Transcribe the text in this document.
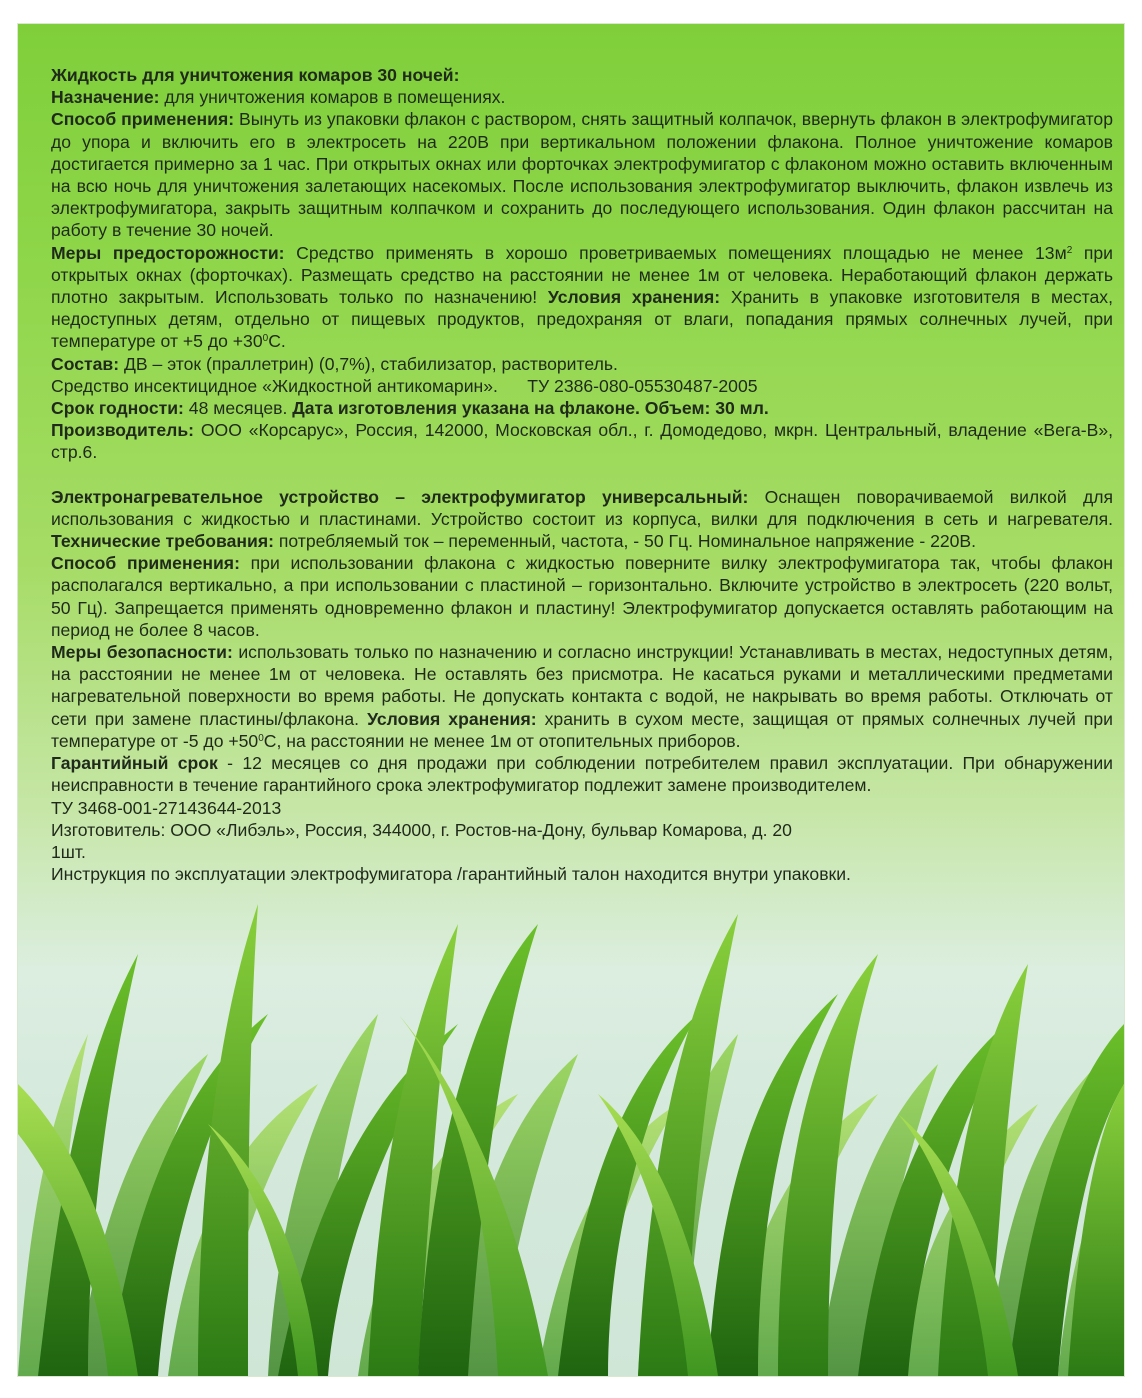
Жидкость для уничтожения комаров 30 ночей:

Назначение: для уничтожения комаров в помещениях.

Способ применения: Вынуть из упаковки флакон с раствором, снять защитный колпачок, ввернуть флакон в электрофумигатор до упора и включить его в электросеть на 220В при вертикальном положении флакона. Полное уничтожение комаров достигается примерно за 1 час. При открытых окнах или форточках электрофумигатор с флаконом можно оставить включенным на всю ночь для уничтожения залетающих насекомых. После использования электрофумигатор выключить, флакон извлечь из электрофумигатора, закрыть защитным колпачком и сохранить до последующего использования. Один флакон рассчитан на работу в течение 30 ночей.

Меры предосторожности: Средство применять в хорошо проветриваемых помещениях площадью не менее $13м^2$ при открытых окнах (форточках). Размещать средство на расстоянии не менее 1м от человека. Неработающий флакон держать плотно закрытым. Использовать только по назначению! Условия хранения: Хранить в упаковке изготовителя в местах, недоступных детям, отдельно от пищевых продуктов, предохраняя от влаги, попадания прямых солнечных лучей, при температуре от +5 до $+30^0С$.

Состав: ДВ – эток (праллетрин) (0,7%), стабилизатор, растворитель.

Средство инсектицидное «Жидкостной антикомарин».      ТУ 2386-080-05530487-2005

Срок годности: 48 месяцев. Дата изготовления указана на флаконе. Объем: 30 мл.

Производитель: ООО «Корсарус», Россия, 142000, Московская обл., г. Домодедово, мкрн. Центральный, владение «Вега-В», стр.6.

Электронагревательное устройство – электрофумигатор универсальный: Оснащен поворачиваемой вилкой для использования с жидкостью и пластинами. Устройство состоит из корпуса, вилки для подключения в сеть и нагревателя. Технические требования: потребляемый ток – переменный, частота, - 50 Гц. Номинальное напряжение - 220В.

Способ применения: при использовании флакона с жидкостью поверните вилку электрофумигатора так, чтобы флакон располагался вертикально, а при использовании с пластиной – горизонтально. Включите устройство в электросеть (220 вольт, 50 Гц). Запрещается применять одновременно флакон и пластину! Электрофумигатор допускается оставлять работающим на период не более 8 часов.

Меры безопасности: использовать только по назначению и согласно инструкции! Устанавливать в местах, недоступных детям, на расстоянии не менее 1м от человека. Не оставлять без присмотра. Не касаться руками и металлическими предметами нагревательной поверхности во время работы. Не допускать контакта с водой, не накрывать во время работы. Отключать от сети при замене пластины/флакона. Условия хранения: хранить в сухом месте, защищая от прямых солнечных лучей при температуре от -5 до $+50^0С$, на расстоянии не менее 1м от отопительных приборов.

Гарантийный срок - 12 месяцев со дня продажи при соблюдении потребителем правил эксплуатации. При обнаружении неисправности в течение гарантийного срока электрофумигатор подлежит замене производителем.

ТУ 3468-001-27143644-2013

Изготовитель: ООО «Либэль», Россия, 344000, г. Ростов-на-Дону, бульвар Комарова, д. 20

1шт.

Инструкция по эксплуатации электрофумигатора /гарантийный талон находится внутри упаковки.
